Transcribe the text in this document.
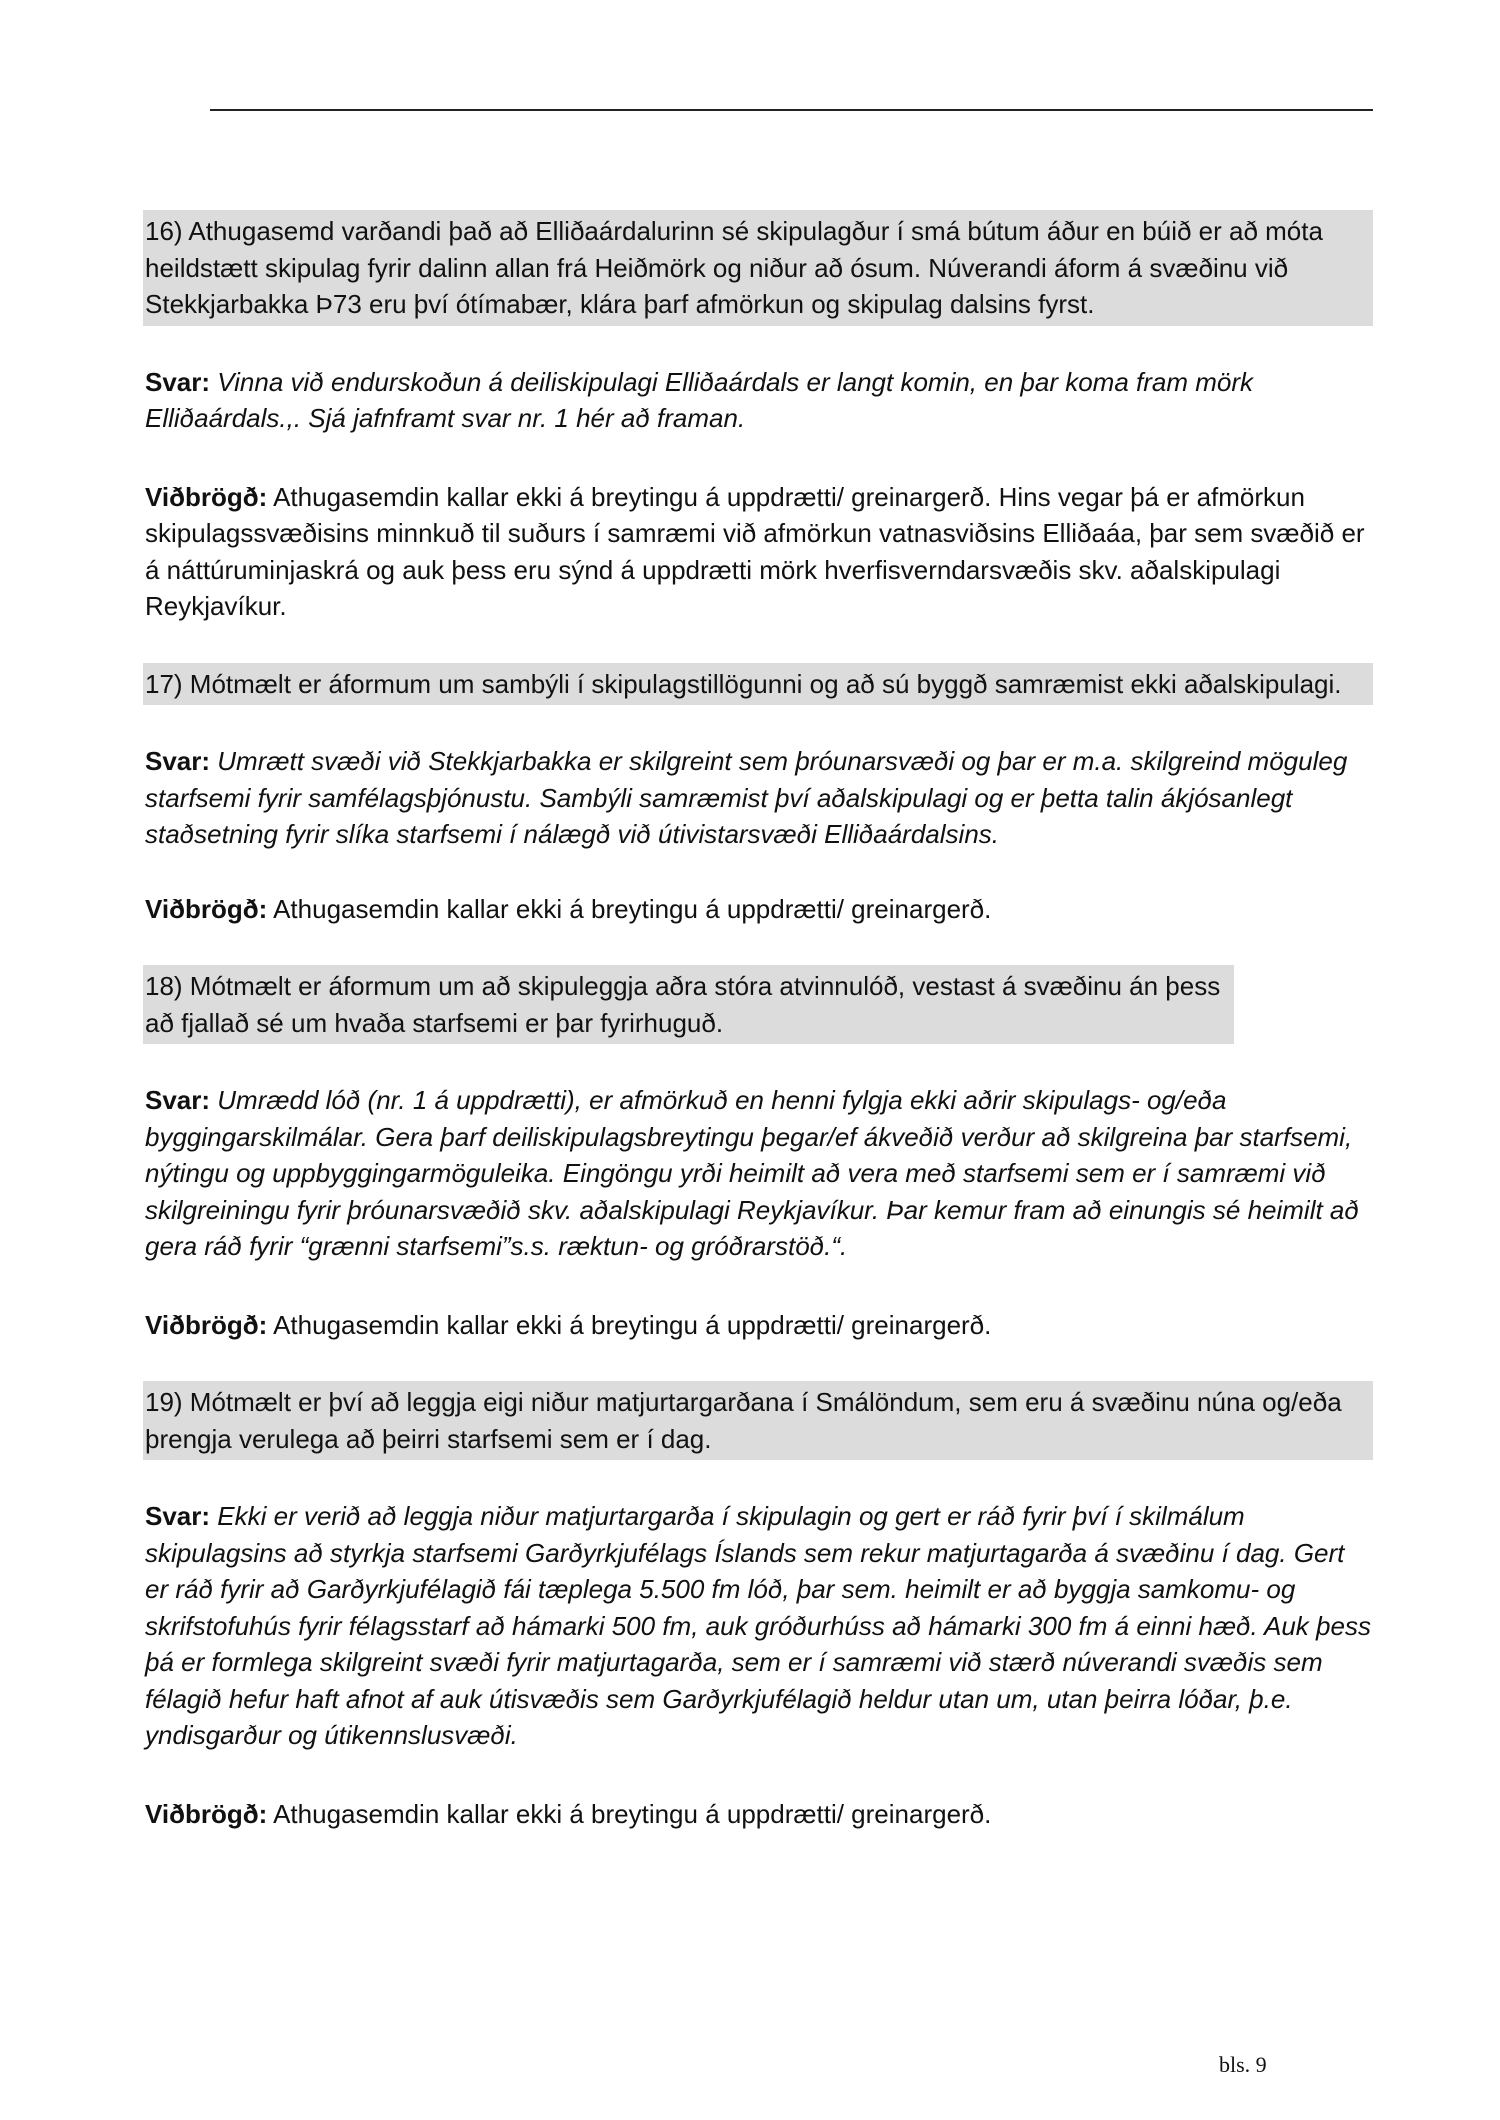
16) Athugasemd varðandi það að Elliðaárdalurinn sé skipulagður í smá bútum áður en búið er að móta heildstætt skipulag fyrir dalinn allan frá Heiðmörk og niður að ósum. Núverandi áform á svæðinu við Stekkjarbakka Þ73 eru því ótímabær, klára þarf afmörkun og skipulag dalsins fyrst.

Svar: Vinna við endurskoðun á deiliskipulagi Elliðaárdals er langt komin, en þar koma fram mörk Elliðaárdals.,. Sjá jafnframt svar nr. 1 hér að framan.

Viðbrögð: Athugasemdin kallar ekki á breytingu á uppdrætti/ greinargerð. Hins vegar þá er afmörkun skipulagssvæðisins minnkuð til suðurs í samræmi við afmörkun vatnasviðsins Elliðaáa, þar sem svæðið er á náttúruminjaskrá og auk þess eru sýnd á uppdrætti mörk hverfisverndarsvæðis skv. aðalskipulagi Reykjavíkur.

17) Mótmælt er áformum um sambýli í skipulagstillögunni og að sú byggð samræmist ekki aðalskipulagi.

Svar: Umrætt svæði við Stekkjarbakka er skilgreint sem þróunarsvæði og þar er m.a. skilgreind möguleg starfsemi fyrir samfélagsþjónustu. Sambýli samræmist því aðalskipulagi og er þetta talin ákjósanlegt staðsetning fyrir slíka starfsemi í nálægð við útivistarsvæði Elliðaárdalsins.

Viðbrögð: Athugasemdin kallar ekki á breytingu á uppdrætti/ greinargerð.

18) Mótmælt er áformum um að skipuleggja aðra stóra atvinnulóð, vestast á svæðinu án þess að fjallað sé um hvaða starfsemi er þar fyrirhuguð.

Svar: Umrædd lóð (nr. 1 á uppdrætti), er afmörkuð en henni fylgja ekki aðrir skipulags- og/eða byggingarskilmálar. Gera þarf deiliskipulagsbreytingu þegar/ef ákveðið verður að skilgreina þar starfsemi, nýtingu og uppbyggingarmöguleika. Eingöngu yrði heimilt að vera með starfsemi sem er í samræmi við skilgreiningu fyrir þróunarsvæðið skv. aðalskipulagi Reykjavíkur. Þar kemur fram að einungis sé heimilt að gera ráð fyrir “grænni starfsemi”s.s. ræktun- og gróðrarstöð.“.

Viðbrögð: Athugasemdin kallar ekki á breytingu á uppdrætti/ greinargerð.

19) Mótmælt er því að leggja eigi niður matjurtargarðana í Smálöndum, sem eru á svæðinu núna og/eða þrengja verulega að þeirri starfsemi sem er í dag.

Svar: Ekki er verið að leggja niður matjurtargarða í skipulagin og gert er ráð fyrir því í skilmálum skipulagsins að styrkja starfsemi Garðyrkjufélags Íslands sem rekur matjurtagarða á svæðinu í dag. Gert er ráð fyrir að Garðyrkjufélagið fái tæplega 5.500 fm lóð, þar sem. heimilt er að byggja samkomu- og skrifstofuhús fyrir félagsstarf að hámarki 500 fm, auk gróðurhúss að hámarki 300 fm á einni hæð. Auk þess þá er formlega skilgreint svæði fyrir matjurtagarða, sem er í samræmi við stærð núverandi svæðis sem félagið hefur haft afnot af auk útisvæðis sem Garðyrkjufélagið heldur utan um, utan þeirra lóðar, þ.e. yndisgarður og útikennslusvæði.

Viðbrögð: Athugasemdin kallar ekki á breytingu á uppdrætti/ greinargerð.

bls. 9
